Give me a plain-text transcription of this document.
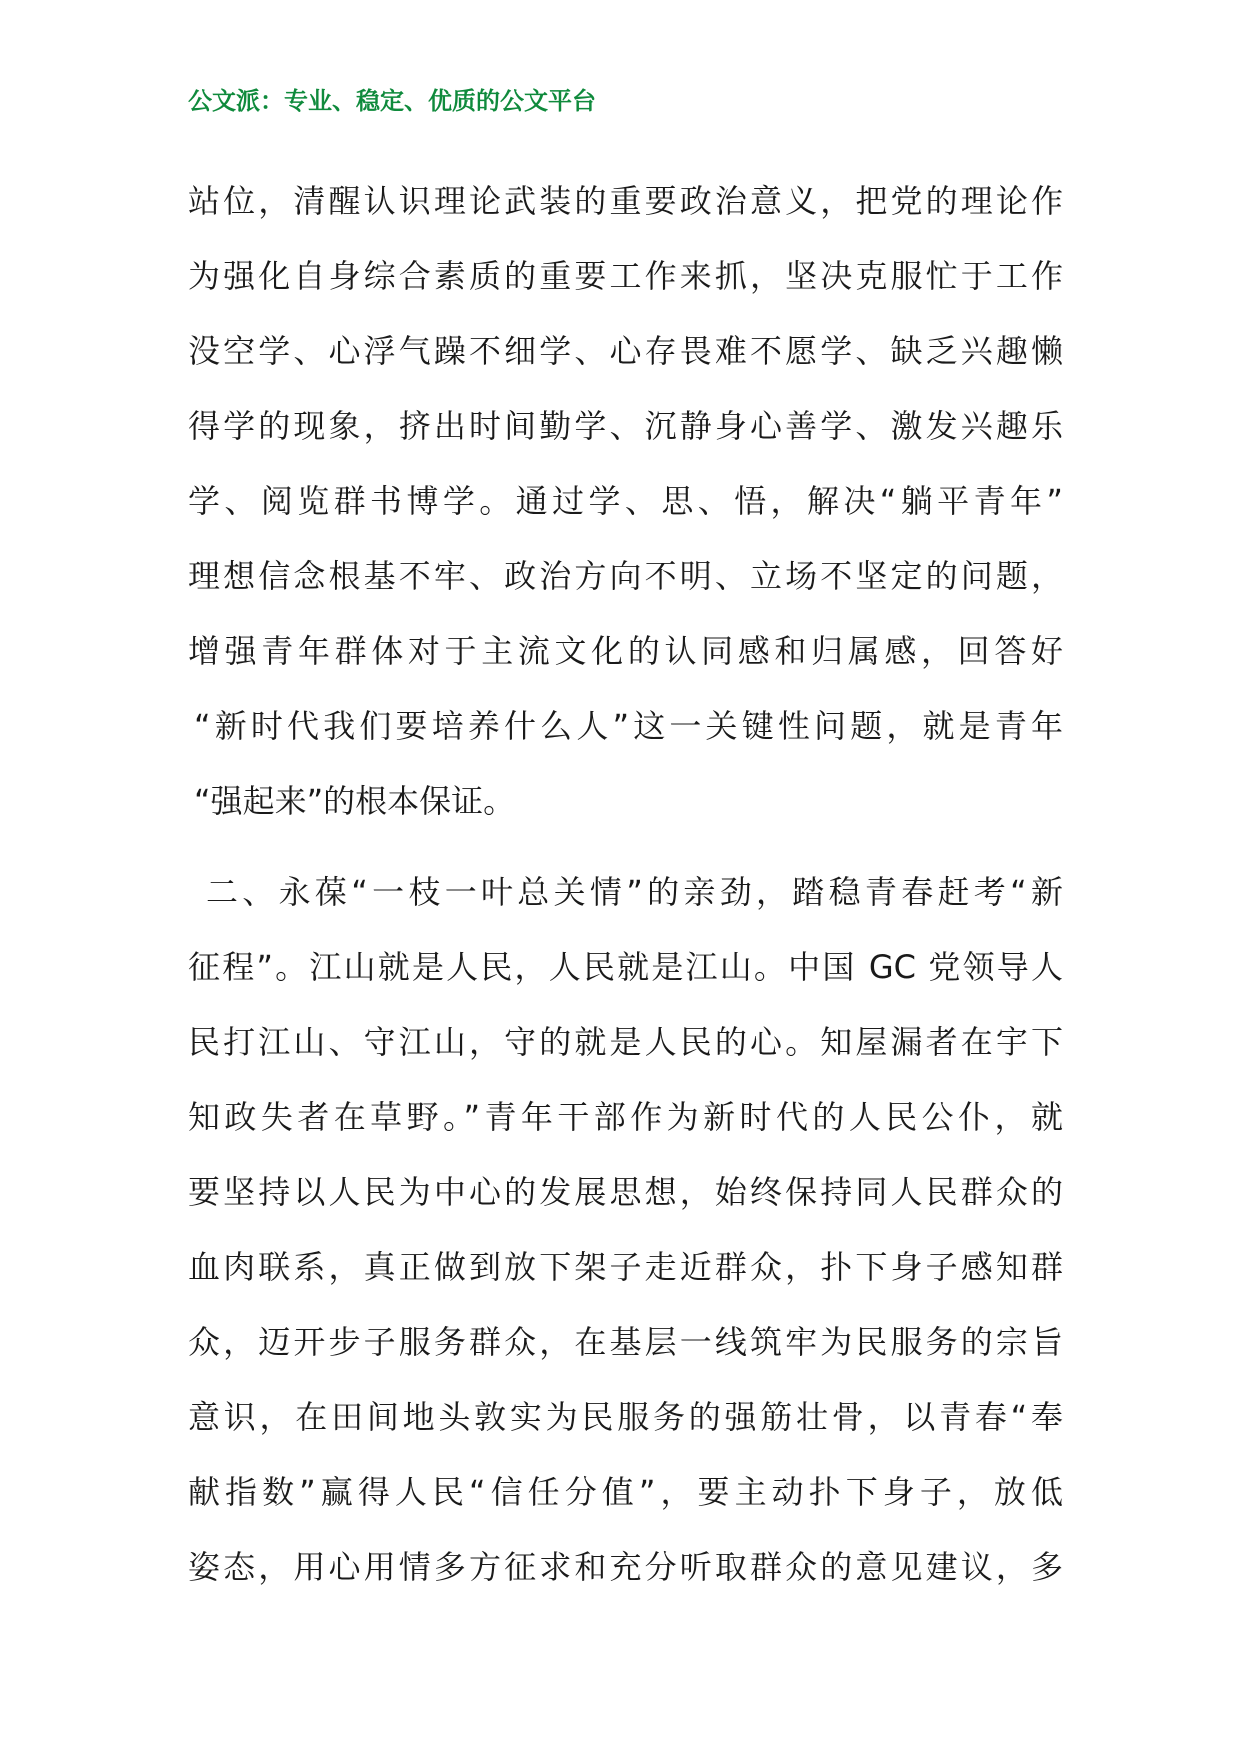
公文派：专业、稳定、优质的公文平台
站位，清醒认识理论武装的重要政治意义，把党的理论作
为强化自身综合素质的重要工作来抓，坚决克服忙于工作
没空学、心浮气躁不细学、心存畏难不愿学、缺乏兴趣懒
得学的现象，挤出时间勤学、沉静身心善学、激发兴趣乐
学、阅览群书博学。通过学、思、悟，解决“躺平青年”
理想信念根基不牢、政治方向不明、立场不坚定的问题，
增强青年群体对于主流文化的认同感和归属感，回答好
“新时代我们要培养什么人”这一关键性问题，就是青年
“强起来”的根本保证。
二、永葆“一枝一叶总关情”的亲劲，踏稳青春赶考“新
征程”。江山就是人民，人民就是江山。中国 GC 党领导人
民打江山、守江山，守的就是人民的心。知屋漏者在宇下
知政失者在草野。”青年干部作为新时代的人民公仆，就
要坚持以人民为中心的发展思想，始终保持同人民群众的
血肉联系，真正做到放下架子走近群众，扑下身子感知群
众，迈开步子服务群众，在基层一线筑牢为民服务的宗旨
意识，在田间地头敦实为民服务的强筋壮骨，以青春“奉
献指数”赢得人民“信任分值”，要主动扑下身子，放低
姿态，用心用情多方征求和充分听取群众的意见建议，多
